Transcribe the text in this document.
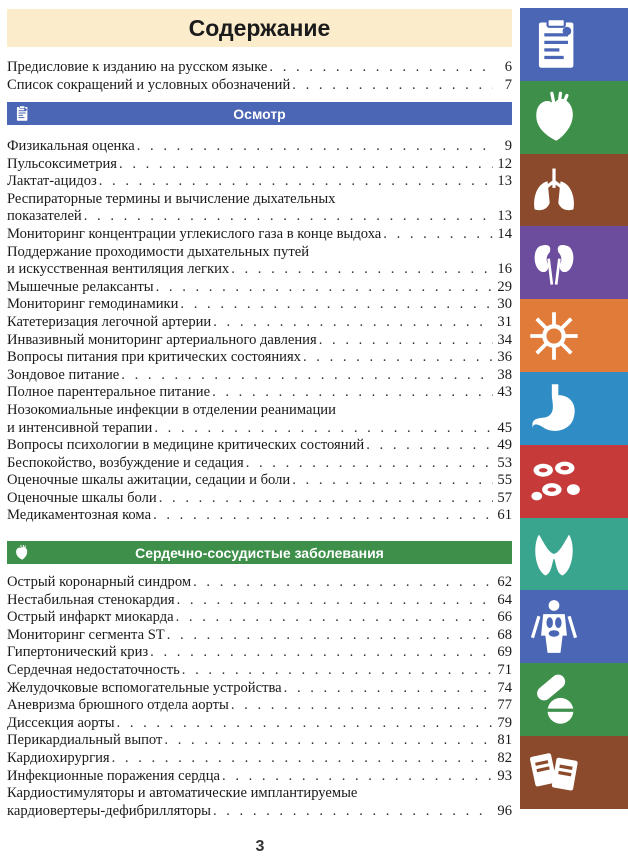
Содержание
Предисловие к изданию на русском языке . . .	6
Список сокращений и условных обозначений . . .	7
Осмотр
Физикальная оценка . . .	9
Пульсоксиметрия . . .	12
Лактат-ацидоз . . .	13
Респираторные термины и вычисление дыхательных
показателей . . .	13
Мониторинг концентрации углекислого газа в конце выдоха . . .	14
Поддержание проходимости дыхательных путей
и искусственная вентиляция легких . . .	16
Мышечные релаксанты . . .	29
Мониторинг гемодинамики . . .	30
Катетеризация легочной артерии . . .	31
Инвазивный мониторинг артериального давления . . .	34
Вопросы питания при критических состояниях . . .	36
Зондовое питание . . .	38
Полное парентеральное питание . . .	43
Нозокомиальные инфекции в отделении реанимации
и интенсивной терапии . . .	45
Вопросы психологии в медицине критических состояний . . .	49
Беспокойство, возбуждение и седация . . .	53
Оценочные шкалы ажитации, седации и боли . . .	55
Оценочные шкалы боли . . .	57
Медикаментозная кома . . .	61
Сердечно-сосудистые заболевания
Острый коронарный синдром . . .	62
Нестабильная стенокардия . . .	64
Острый инфаркт миокарда . . .	66
Мониторинг сегмента ST . . .	68
Гипертонический криз . . .	69
Сердечная недостаточность . . .	71
Желудочковые вспомогательные устройства . . .	74
Аневризма брюшного отдела аорты . . .	77
Диссекция аорты . . .	79
Перикардиальный выпот . . .	81
Кардиохирургия . . .	82
Инфекционные поражения сердца . . .	93
Кардиостимуляторы и автоматические имплантируемые
кардиовертеры-дефибрилляторы . . .	96
3
